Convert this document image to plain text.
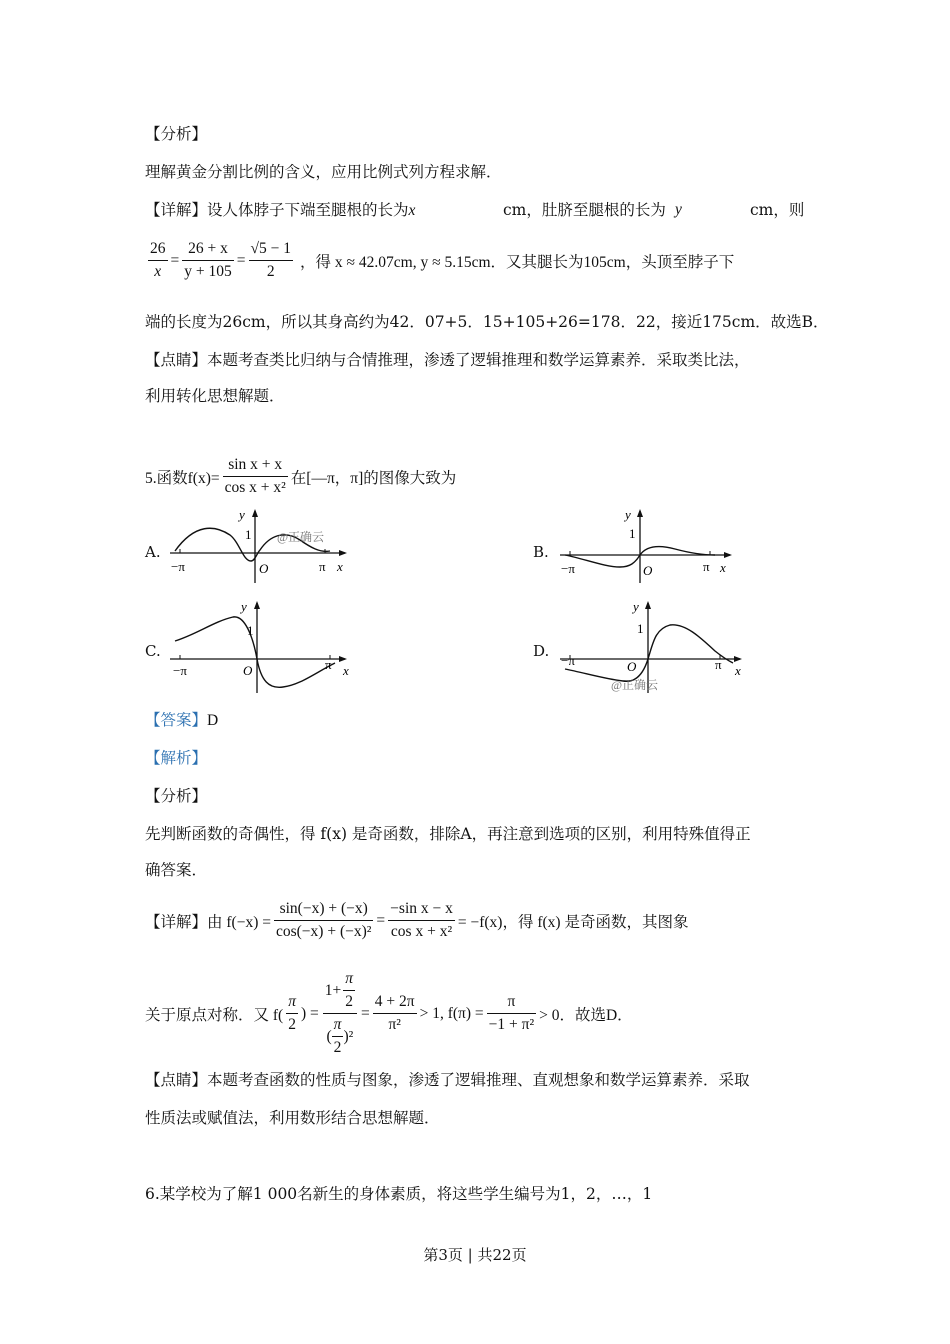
【分析】
理解黄金分割比例的含义，应用比例式列方程求解．
【详解】设人体脖子下端至腿根的长为x	cm，肚脐至腿根的长为 y	cm，则
$\frac{26}{x} = \frac{26 + x}{y + 105} = \frac{√5 - 1}{2}$ ，得 x ≈ 42.07cm, y ≈ 5.15cm．又其腿长为105cm，头顶至脖子下
端的长度为26cm，所以其身高约为42．07+5．15+105+26=178．22，接近175cm．故选B．
【点睛】本题考查类比归纳与合情推理，渗透了逻辑推理和数学运算素养．采取类比法，
利用转化思想解题．
5.函数$f(x)= \frac{\text{sin x + x}}{\text{cos x + x²}}$ 在[—π，π]的图像大致为
A.	B.
C.	D.
y
1
−π	O	π x
@正确云
y
1
−π	O	π x
y
1
−π	O	π x
y
1
−π	O	π x
@正确云
【答案】D
【解析】
【分析】
先判断函数的奇偶性，得 f(x) 是奇函数，排除A，再注意到选项的区别，利用特殊值得正
确答案．
【详解】 由 $f(-x) = \frac{\sin(-x) + (-x)}{\text{cos(−x) + (−x)²}} = \frac{\text{−sin x − x}}{\text{cos x + x²}} = -f(x)$，得 f(x) 是奇函数，其图象
关于原点对称．又 $f( \frac{\pi}{2}$ ) = $\frac{1+ \frac{\pi}{2}}{( \frac{\pi}{2} )^2} = \frac{4 + 2\pi}{\text{π²}} > 1$, $f(\pi) = \frac{\pi}{\text{−1 + π²}} > 0$．故选D．
【点睛】本题考查函数的性质与图象，渗透了逻辑推理、直观想象和数学运算素养．采取
性质法或赋值法，利用数形结合思想解题．
6.某学校为了解1 000名新生的身体素质，将这些学生编号为1，2，…，1
第3页 | 共22页
